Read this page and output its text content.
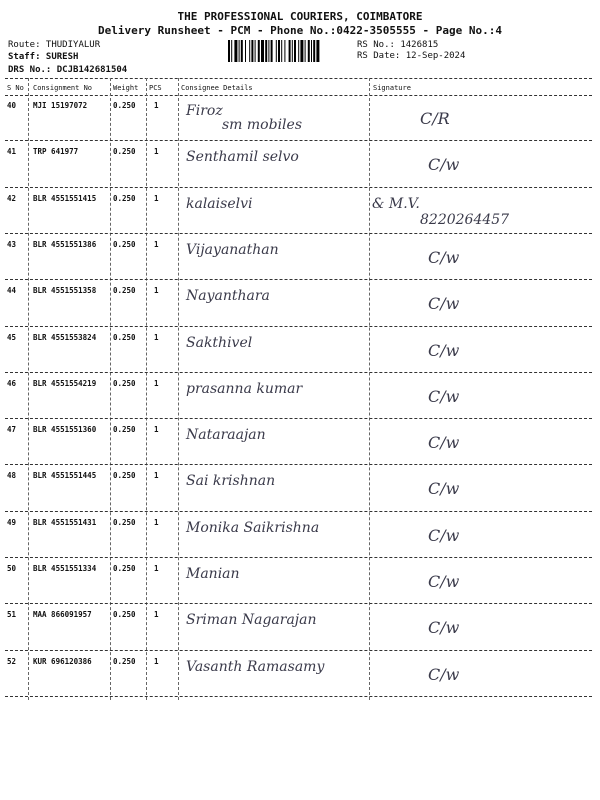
THE PROFESSIONAL COURIERS, COIMBATORE
Delivery Runsheet - PCM - Phone No.:0422-3505555 - Page No.:4
Route: THUDIYALUR
Staff: SURESH
DRS No.: DCJB142681504
RS No.: 1426815
RS Date: 12-Sep-2024
S No Consignment No	Weight PCS	Consignee Details	Signature
40 MJI 15197072	0.250 1 Firoz
sm mobiles	C/R
41 TRP 641977	0.250 1 Senthamil selvo	C/w
42 BLR 4551551415 0.250 1 kalaiselvi	& M.V.
8220264457
43 BLR 4551551386 0.250 1 Vijayanathan	C/w
44 BLR 4551551358 0.250 1 Nayanthara	C/w
45 BLR 4551553824 0.250 1 Sakthivel	C/w
46 BLR 4551554219 0.250 1 prasanna kumar	C/w
47 BLR 4551551360 0.250 1 Nataraajan	C/w
48 BLR 4551551445 0.250 1 Sai krishnan	C/w
49 BLR 4551551431 0.250 1 Monika Saikrishna	C/w
50 BLR 4551551334 0.250 1 Manian	C/w
51 MAA 866091957	0.250 1 Sriman Nagarajan	C/w
52 KUR 696120386	0.250 1 Vasanth Ramasamy	C/w
